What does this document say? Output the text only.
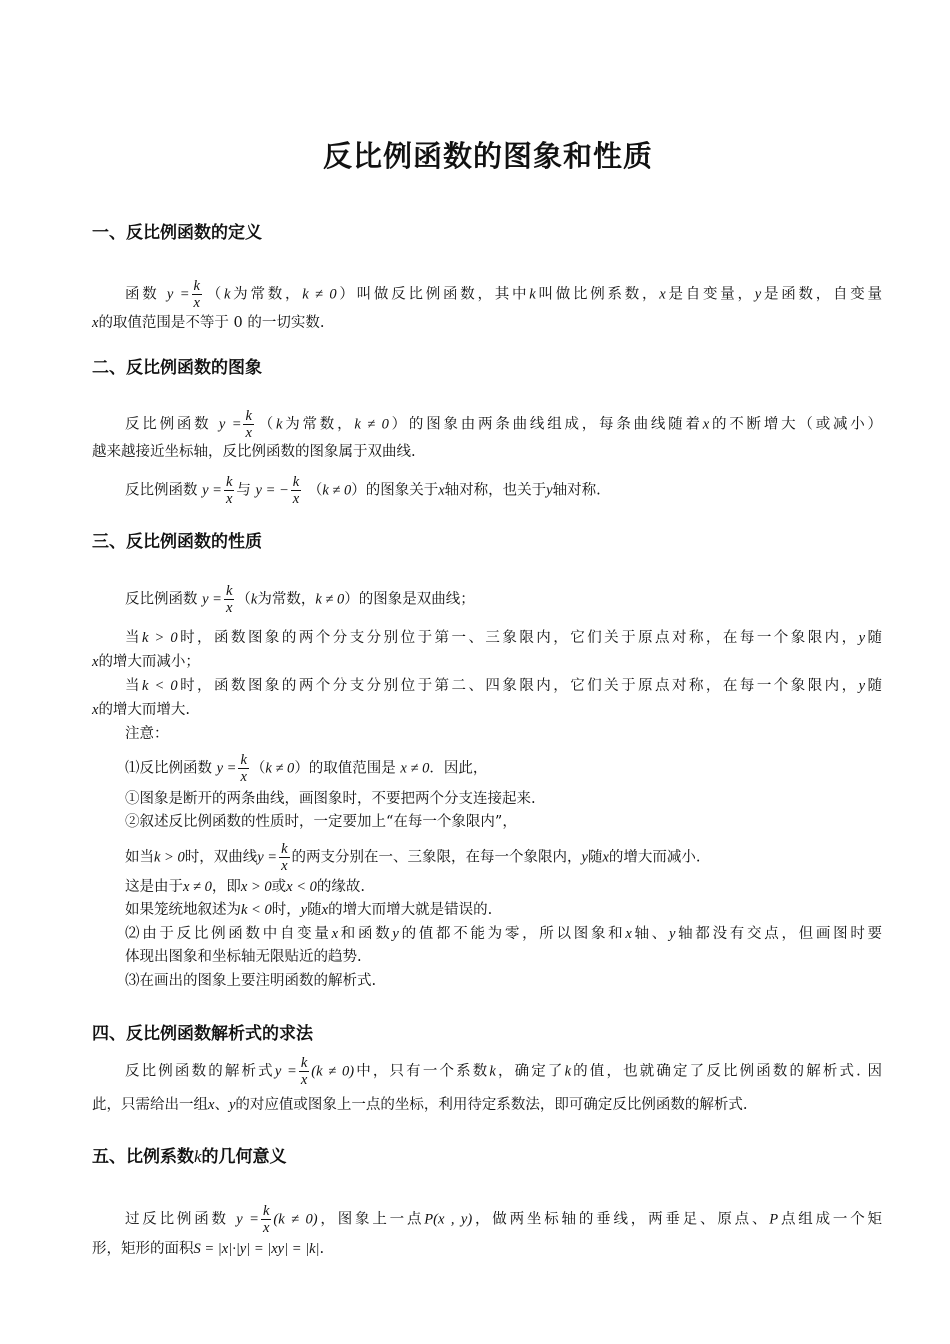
反比例函数的图象和性质
一、反比例函数的定义
函数 $y = \frac{k}{x} (k$为常数，k ≠ 0）叫做反比例函数，其中k叫做比例系数，x是自变量，y是函数，自变量
x的取值范围是不等于 0 的一切实数.
二、反比例函数的图象
反比例函数 $y = \frac{k}{x} (k$为常数，k ≠ 0）的图象由两条曲线组成，每条曲线随着x的不断增大（或减小）
越来越接近坐标轴，反比例函数的图象属于双曲线.
反比例函数 $y = \frac{k}{x}$ 与 y = − $\frac{k}{x} (k \ne 0)$的图象关于x轴对称，也关于y轴对称.
三、反比例函数的性质
反比例函数 $y = \frac{k}{x} (k$为常数，k ≠ 0）的图象是双曲线；
当k > 0时，函数图象的两个分支分别位于第一、三象限内，它们关于原点对称，在每一个象限内，y随
x的增大而减小；
当k < 0时，函数图象的两个分支分别位于第二、四象限内，它们关于原点对称，在每一个象限内，y随
x的增大而增大.
注意：
⑴反比例函数 $y = \frac{k}{x} (k \ne 0)$的取值范围是 x ≠ 0．因此，
①图象是断开的两条曲线，画图象时，不要把两个分支连接起来.
②叙述反比例函数的性质时，一定要加上“在每一个象限内”，
如当k > 0时，双曲线$y = \frac{k}{x}$ 的两支分别在一、三象限，在每一个象限内，y随x的增大而减小.
这是由于x ≠ 0，即x > 0或x < 0的缘故.
如果笼统地叙述为k < 0时，y随x的增大而增大就是错误的.
⑵由于反比例函数中自变量x和函数y的值都不能为零，所以图象和x轴、y轴都没有交点，但画图时要
体现出图象和坐标轴无限贴近的趋势.
⑶在画出的图象上要注明函数的解析式.
四、反比例函数解析式的求法
反比例函数的解析式$y = \frac{k}{x} (k \ne 0)$中，只有一个系数k，确定了k的值，也就确定了反比例函数的解析式. 因
此，只需给出一组x、y的对应值或图象上一点的坐标，利用待定系数法，即可确定反比例函数的解析式.
五、比例系数k的几何意义
过反比例函数 $y = \frac{k}{x} (k \ne 0)$，图象上一点P(x , y)，做两坐标轴的垂线，两垂足、原点、P点组成一个矩
形，矩形的面积S = |x|·|y| = |xy| = |k|.
